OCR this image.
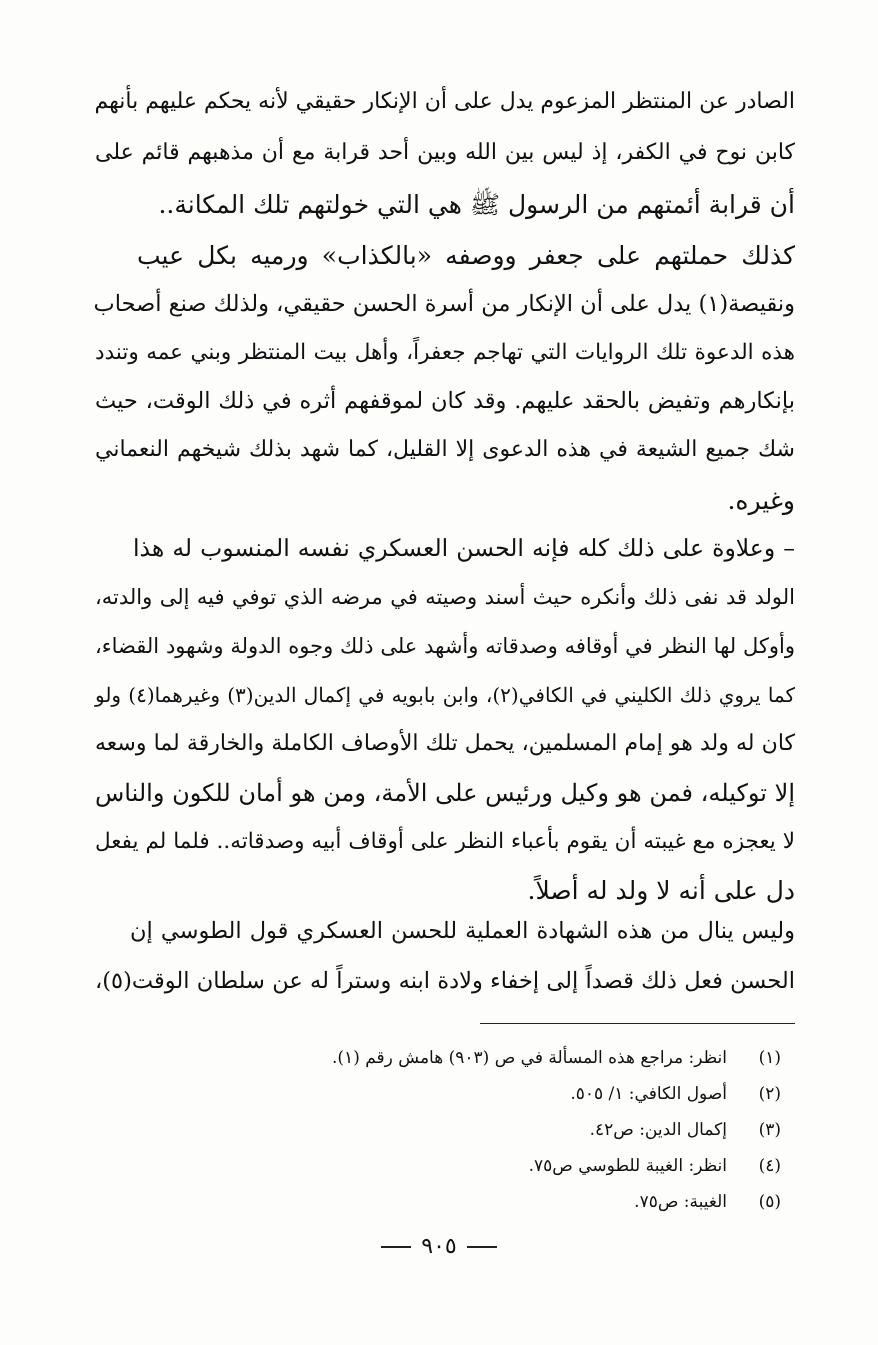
الصادر عن المنتظر المزعوم يدل على أن الإنكار حقيقي لأنه يحكم عليهم بأنهم
كابن نوح في الكفر، إذ ليس بين الله وبين أحد قرابة مع أن مذهبهم قائم على
أن قرابة أئمتهم من الرسول ﷺ هي التي خولتهم تلك المكانة..
كذلك حملتهم على جعفر ووصفه «بالكذاب» ورميه بكل عيب
ونقيصة(١) يدل على أن الإنكار من أسرة الحسن حقيقي، ولذلك صنع أصحاب
هذه الدعوة تلك الروايات التي تهاجم جعفراً، وأهل بيت المنتظر وبني عمه وتندد
بإنكارهم وتفيض بالحقد عليهم. وقد كان لموقفهم أثره في ذلك الوقت، حيث
شك جميع الشيعة في هذه الدعوى إلا القليل، كما شهد بذلك شيخهم النعماني
وغيره.
– وعلاوة على ذلك كله فإنه الحسن العسكري نفسه المنسوب له هذا
الولد قد نفى ذلك وأنكره حيث أسند وصيته في مرضه الذي توفي فيه إلى والدته،
وأوكل لها النظر في أوقافه وصدقاته وأشهد على ذلك وجوه الدولة وشهود القضاء،
كما يروي ذلك الكليني في الكافي(٢)، وابن بابويه في إكمال الدين(٣) وغيرهما(٤) ولو
كان له ولد هو إمام المسلمين، يحمل تلك الأوصاف الكاملة والخارقة لما وسعه
إلا توكيله، فمن هو وكيل ورئيس على الأمة، ومن هو أمان للكون والناس
لا يعجزه مع غيبته أن يقوم بأعباء النظر على أوقاف أبيه وصدقاته.. فلما لم يفعل
دل على أنه لا ولد له أصلاً.
وليس ينال من هذه الشهادة العملية للحسن العسكري قول الطوسي إن
الحسن فعل ذلك قصداً إلى إخفاء ولادة ابنه وستراً له عن سلطان الوقت(٥)،
(١)
انظر: مراجع هذه المسألة في ص (٩٠٣) هامش رقم (١).
(٢)
أصول الكافي: ١/ ٥٠٥.
(٣)
إكمال الدين: ص٤٢.
(٤)
انظر: الغيبة للطوسي ص٧٥.
(٥)
الغيبة: ص٧٥.
٩٠٥
